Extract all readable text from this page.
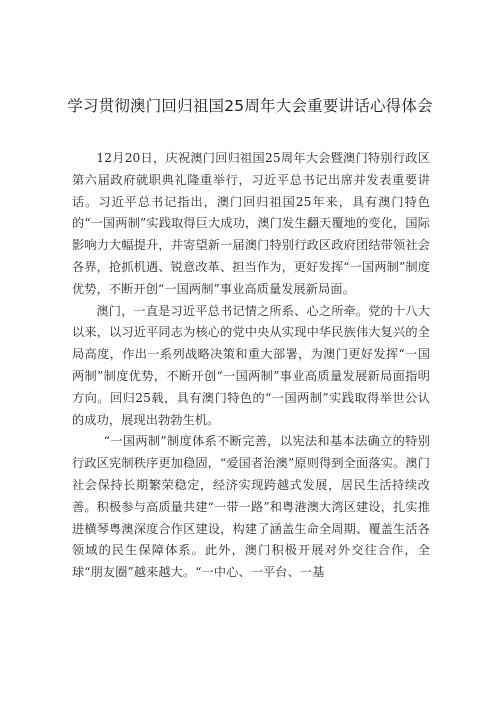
学习贯彻澳门回归祖国25周年大会重要讲话心得体会

12月20日，庆祝澳门回归祖国25周年大会暨澳门特别行政区第六届政府就职典礼隆重举行，习近平总书记出席并发表重要讲话。习近平总书记指出，澳门回归祖国25年来，具有澳门特色的“一国两制”实践取得巨大成功，澳门发生翻天覆地的变化，国际影响力大幅提升，并寄望新一届澳门特别行政区政府团结带领社会各界，抢抓机遇、锐意改革、担当作为，更好发挥“一国两制”制度优势，不断开创“一国两制”事业高质量发展新局面。

澳门，一直是习近平总书记情之所系、心之所牵。党的十八大以来，以习近平同志为核心的党中央从实现中华民族伟大复兴的全局高度，作出一系列战略决策和重大部署，为澳门更好发挥“一国两制”制度优势，不断开创“一国两制”事业高质量发展新局面指明方向。回归25载，具有澳门特色的“一国两制”实践取得举世公认的成功，展现出勃勃生机。

“一国两制”制度体系不断完善，以宪法和基本法确立的特别行政区宪制秩序更加稳固，“爱国者治澳”原则得到全面落实。澳门社会保持长期繁荣稳定，经济实现跨越式发展，居民生活持续改善。积极参与高质量共建“一带一路”和粤港澳大湾区建设，扎实推进横琴粤澳深度合作区建设，构建了涵盖生命全周期、覆盖生活各领域的民生保障体系。此外，澳门积极开展对外交往合作，全球“朋友圈”越来越大。“一中心、一平台、一基
